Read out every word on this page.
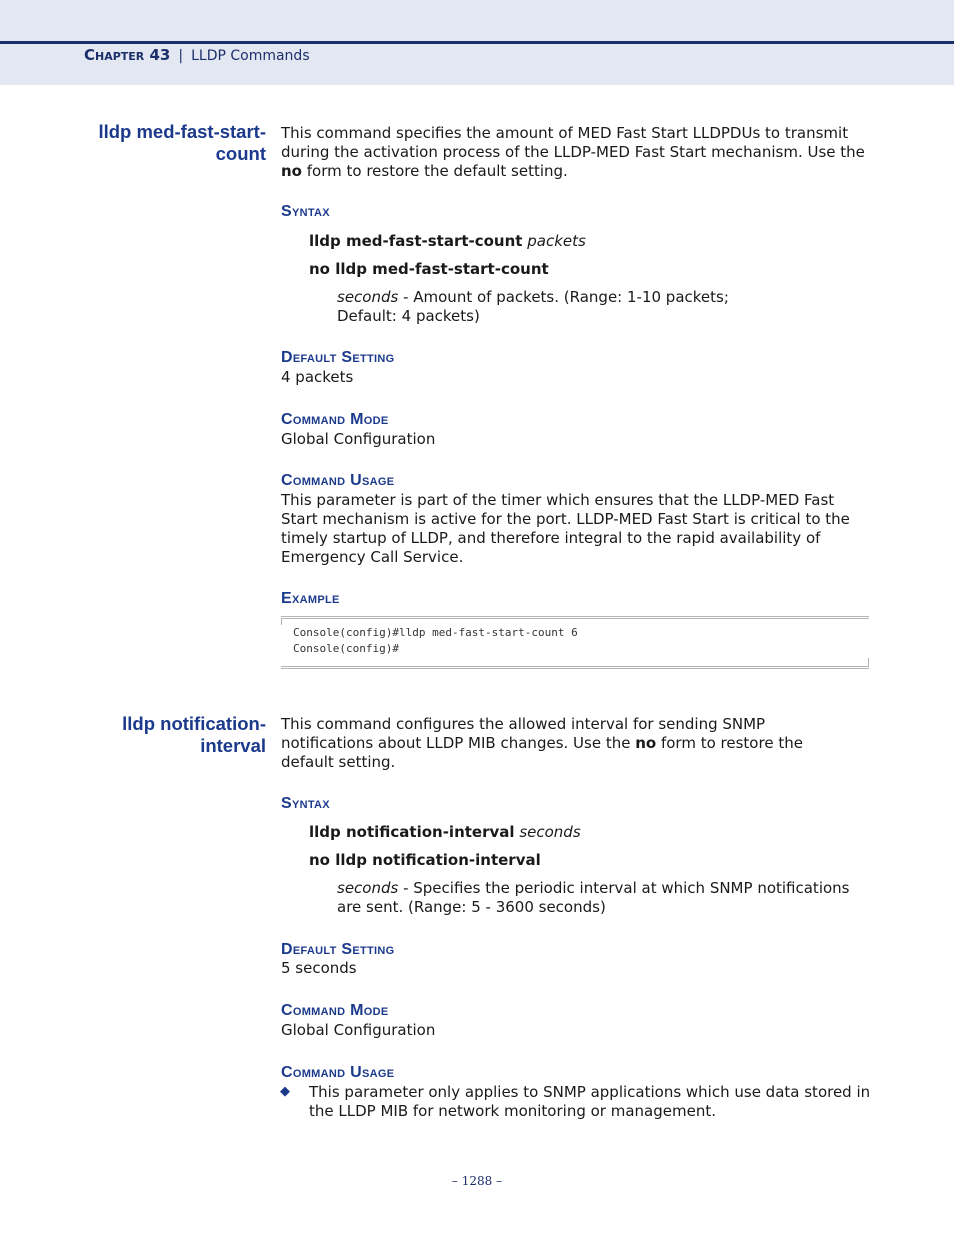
Chapter 43 | LLDP Commands
lldp med-fast-start-
count

This command specifies the amount of MED Fast Start LLDPDUs to transmit during the activation process of the LLDP-MED Fast Start mechanism. Use the no form to restore the default setting.

Syntax
lldp med-fast-start-count packets
no lldp med-fast-start-count

seconds - Amount of packets. (Range: 1-10 packets; Default: 4 packets)

Default Setting
4 packets
Command Mode
Global Configuration
Command Usage

This parameter is part of the timer which ensures that the LLDP-MED Fast Start mechanism is active for the port. LLDP-MED Fast Start is critical to the timely startup of LLDP, and therefore integral to the rapid availability of Emergency Call Service.

Example
Console(config)#lldp med-fast-start-count 6
Console(config)#
lldp notification-
interval

This command configures the allowed interval for sending SNMP notifications about LLDP MIB changes. Use the no form to restore the default setting.

Syntax
lldp notification-interval seconds
no lldp notification-interval

seconds - Specifies the periodic interval at which SNMP notifications are sent. (Range: 5 - 3600 seconds)

Default Setting
5 seconds
Command Mode
Global Configuration
Command Usage
◆ This parameter only applies to SNMP applications which use data stored in the LLDP MIB for network monitoring or management.

– 1288 –
